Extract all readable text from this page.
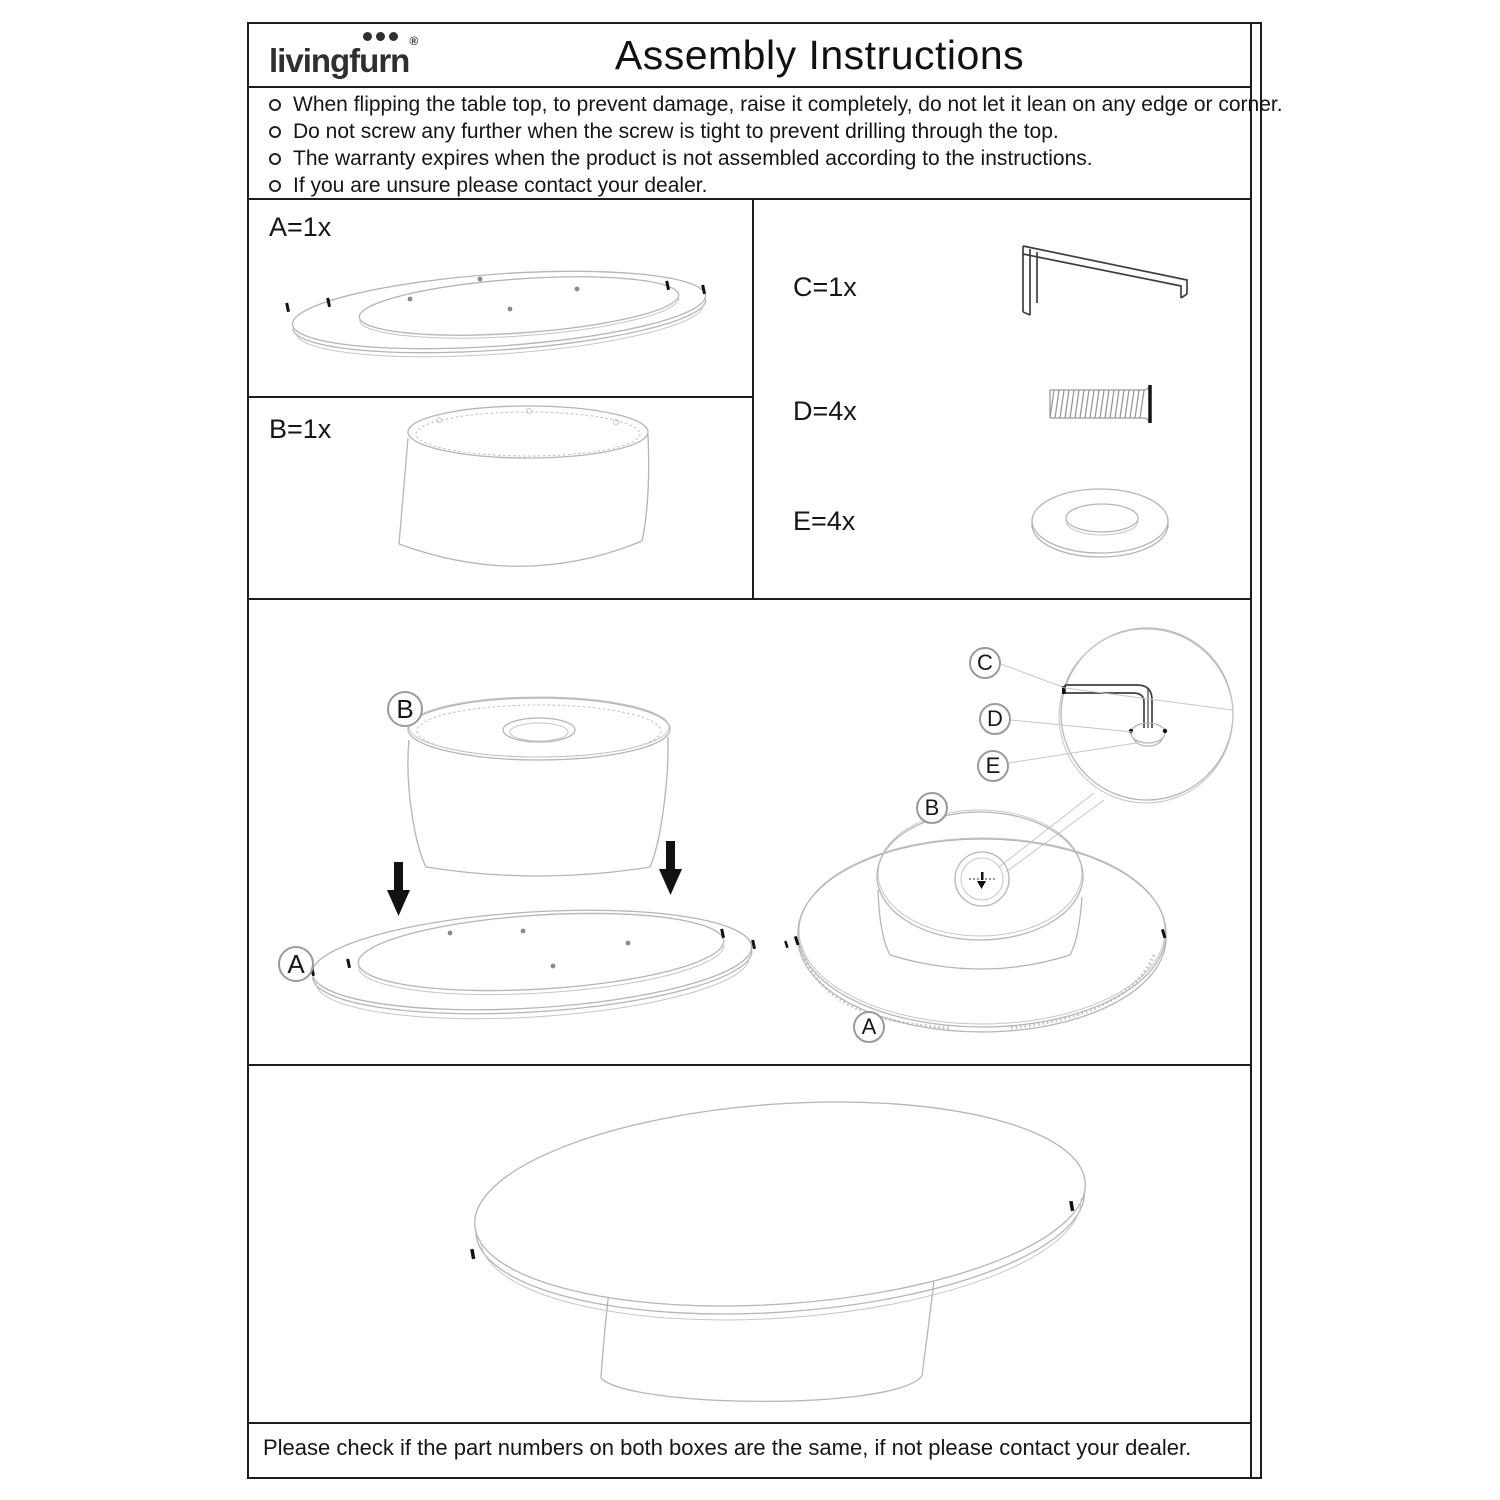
livingfurn®	Assembly Instructions
When flipping the table top, to prevent damage, raise it completely, do not let it lean on any edge or corner.
Do not screw any further when the screw is tight to prevent drilling through the top.
The warranty expires when the product is not assembled according to the instructions.
If you are unsure please contact your dealer.
A=1x
B=1x
C=1x
D=4x
E=4x
B
A
C
D
E
B
A
Please check if the part numbers on both boxes are the same, if not please contact your dealer.
